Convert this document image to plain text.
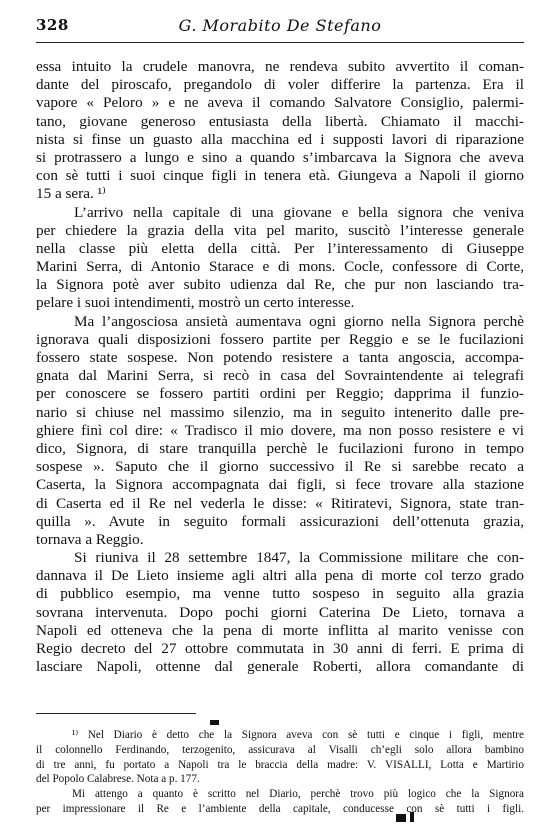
328	G. Morabito De Stefano
essa intuito la crudele manovra, ne rendeva subito avvertito il coman-
dante del piroscafo, pregandolo di voler differire la partenza. Era il
vapore « Peloro » e ne aveva il comando Salvatore Consiglio, palermi-
tano, giovane generoso entusiasta della libertà. Chiamato il macchi-
nista si finse un guasto alla macchina ed i supposti lavori di riparazione
si protrassero a lungo e sino a quando s’imbarcava la Signora che aveva
con sè tutti i suoi cinque figli in tenera età. Giungeva a Napoli il giorno
15 a sera. ¹⁾
L’arrivo nella capitale di una giovane e bella signora che veniva
per chiedere la grazia della vita pel marito, suscitò l’interesse generale
nella classe più eletta della città. Per l’interessamento di Giuseppe
Marini Serra, di Antonio Starace e di mons. Cocle, confessore di Corte,
la Signora potè aver subito udienza dal Re, che pur non lasciando tra-
pelare i suoi intendimenti, mostrò un certo interesse.
Ma l’angosciosa ansietà aumentava ogni giorno nella Signora perchè
ignorava quali disposizioni fossero partite per Reggio e se le fucilazioni
fossero state sospese. Non potendo resistere a tanta angoscia, accompa-
gnata dal Marini Serra, si recò in casa del Sovraintendente ai telegrafi
per conoscere se fossero partiti ordini per Reggio; dapprima il funzio-
nario si chiuse nel massimo silenzio, ma in seguito intenerito dalle pre-
ghiere finì col dire: « Tradisco il mio dovere, ma non posso resistere e vi
dico, Signora, di stare tranquilla perchè le fucilazioni furono in tempo
sospese ». Saputo che il giorno successivo il Re si sarebbe recato a
Caserta, la Signora accompagnata dai figli, si fece trovare alla stazione
di Caserta ed il Re nel vederla le disse: « Ritiratevi, Signora, state tran-
quilla ». Avute in seguito formali assicurazioni dell’ottenuta grazia,
tornava a Reggio.
Si riuniva il 28 settembre 1847, la Commissione militare che con-
dannava il De Lieto insieme agli altri alla pena di morte col terzo grado
di pubblico esempio, ma venne tutto sospeso in seguito alla grazia
sovrana intervenuta. Dopo pochi giorni Caterina De Lieto, tornava a
Napoli ed otteneva che la pena di morte inflitta al marito venisse con
Regio decreto del 27 ottobre commutata in 30 anni di ferri. E prima di
lasciare Napoli, ottenne dal generale Roberti, allora comandante di
¹⁾ Nel Diario è detto che la Signora aveva con sè tutti e cinque i figli, mentre
il colonnello Ferdinando, terzogenito, assicurava al Visalli ch’egli solo allora bambino
di tre anni, fu portato a Napoli tra le braccia della madre: V. VISALLI, Lotta e Martirio
del Popolo Calabrese. Nota a p. 177.
Mi attengo a quanto è scritto nel Diario, perchè trovo più logico che la Signora
per impressionare il Re e l’ambiente della capitale, conducesse con sè tutti i figli.
